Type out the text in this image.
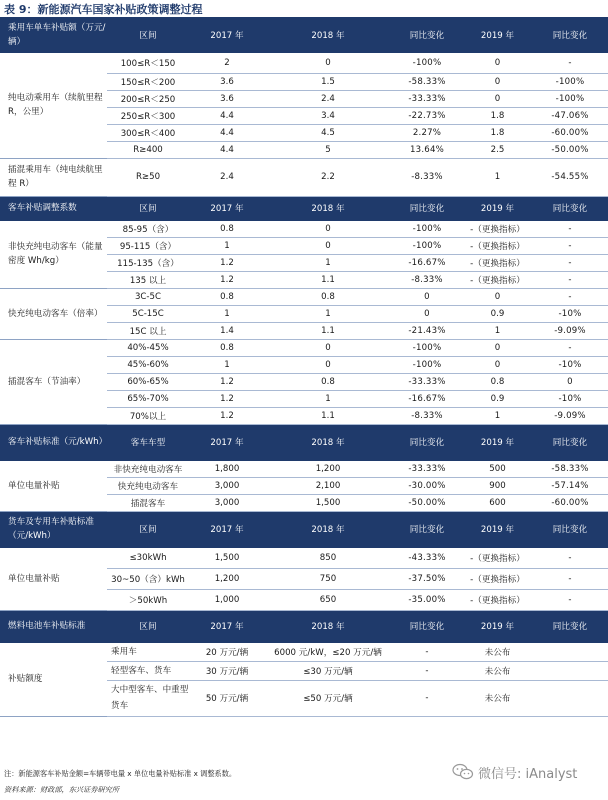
表 9：新能源汽车国家补贴政策调整过程
乘用车单车补贴额（万元/辆）	区间	2017 年	2018 年	同比变化	2019 年	同比变化
纯电动乘用车（续航里程 R，公里）	100≤R＜150	2	0	-100%	0	-
	150≤R＜200	3.6	1.5	-58.33%	0	-100%
	200≤R＜250	3.6	2.4	-33.33%	0	-100%
	250≤R＜300	4.4	3.4	-22.73%	1.8	-47.06%
	300≤R＜400	4.4	4.5	2.27%	1.8	-60.00%
	R≥400	4.4	5	13.64%	2.5	-50.00%
插混乘用车（纯电续航里程 R）	R≥50	2.4	2.2	-8.33%	1	-54.55%
客车补贴调整系数	区间	2017 年	2018 年	同比变化	2019 年	同比变化
非快充纯电动客车（能量密度 Wh/kg）	85-95（含）	0.8	0	-100%	-（更换指标）	-
	95-115（含）	1	0	-100%	-（更换指标）	-
	115-135（含）	1.2	1	-16.67%	-（更换指标）	-
	135 以上	1.2	1.1	-8.33%	-（更换指标）	-
快充纯电动客车（倍率）	3C-5C	0.8	0.8	0	0	-
	5C-15C	1	1	0	0.9	-10%
	15C 以上	1.4	1.1	-21.43%	1	-9.09%
插混客车（节油率）	40%-45%	0.8	0	-100%	0	-
	45%-60%	1	0	-100%	0	-10%
	60%-65%	1.2	0.8	-33.33%	0.8	0
	65%-70%	1.2	1	-16.67%	0.9	-10%
	70%以上	1.2	1.1	-8.33%	1	-9.09%
客车补贴标准（元/kWh）	客车车型	2017 年	2018 年	同比变化	2019 年	同比变化
单位电量补贴	非快充纯电动客车	1,800	1,200	-33.33%	500	-58.33%
	快充纯电动客车	3,000	2,100	-30.00%	900	-57.14%
	插混客车	3,000	1,500	-50.00%	600	-60.00%
货车及专用车补贴标准（元/kWh）	区间	2017 年	2018 年	同比变化	2019 年	同比变化
单位电量补贴	≤30kWh	1,500	850	-43.33%	-（更换指标）	-
	30~50（含）kWh	1,200	750	-37.50%	-（更换指标）	-
	＞50kWh	1,000	650	-35.00%	-（更换指标）	-
燃料电池车补贴标准	区间	2017 年	2018 年	同比变化	2019 年	同比变化
补贴额度	乘用车	20 万元/辆	6000 元/kW，≤20 万元/辆	-	未公布	
	轻型客车、货车	30 万元/辆	≤30 万元/辆	-	未公布	
	大中型客车、中重型货车	50 万元/辆	≤50 万元/辆	-	未公布	
注：新能源客车补贴金额=车辆带电量 x 单位电量补贴标准 x 调整系数。
资料来源：财政部，东兴证券研究所
微信号: iAnalyst
